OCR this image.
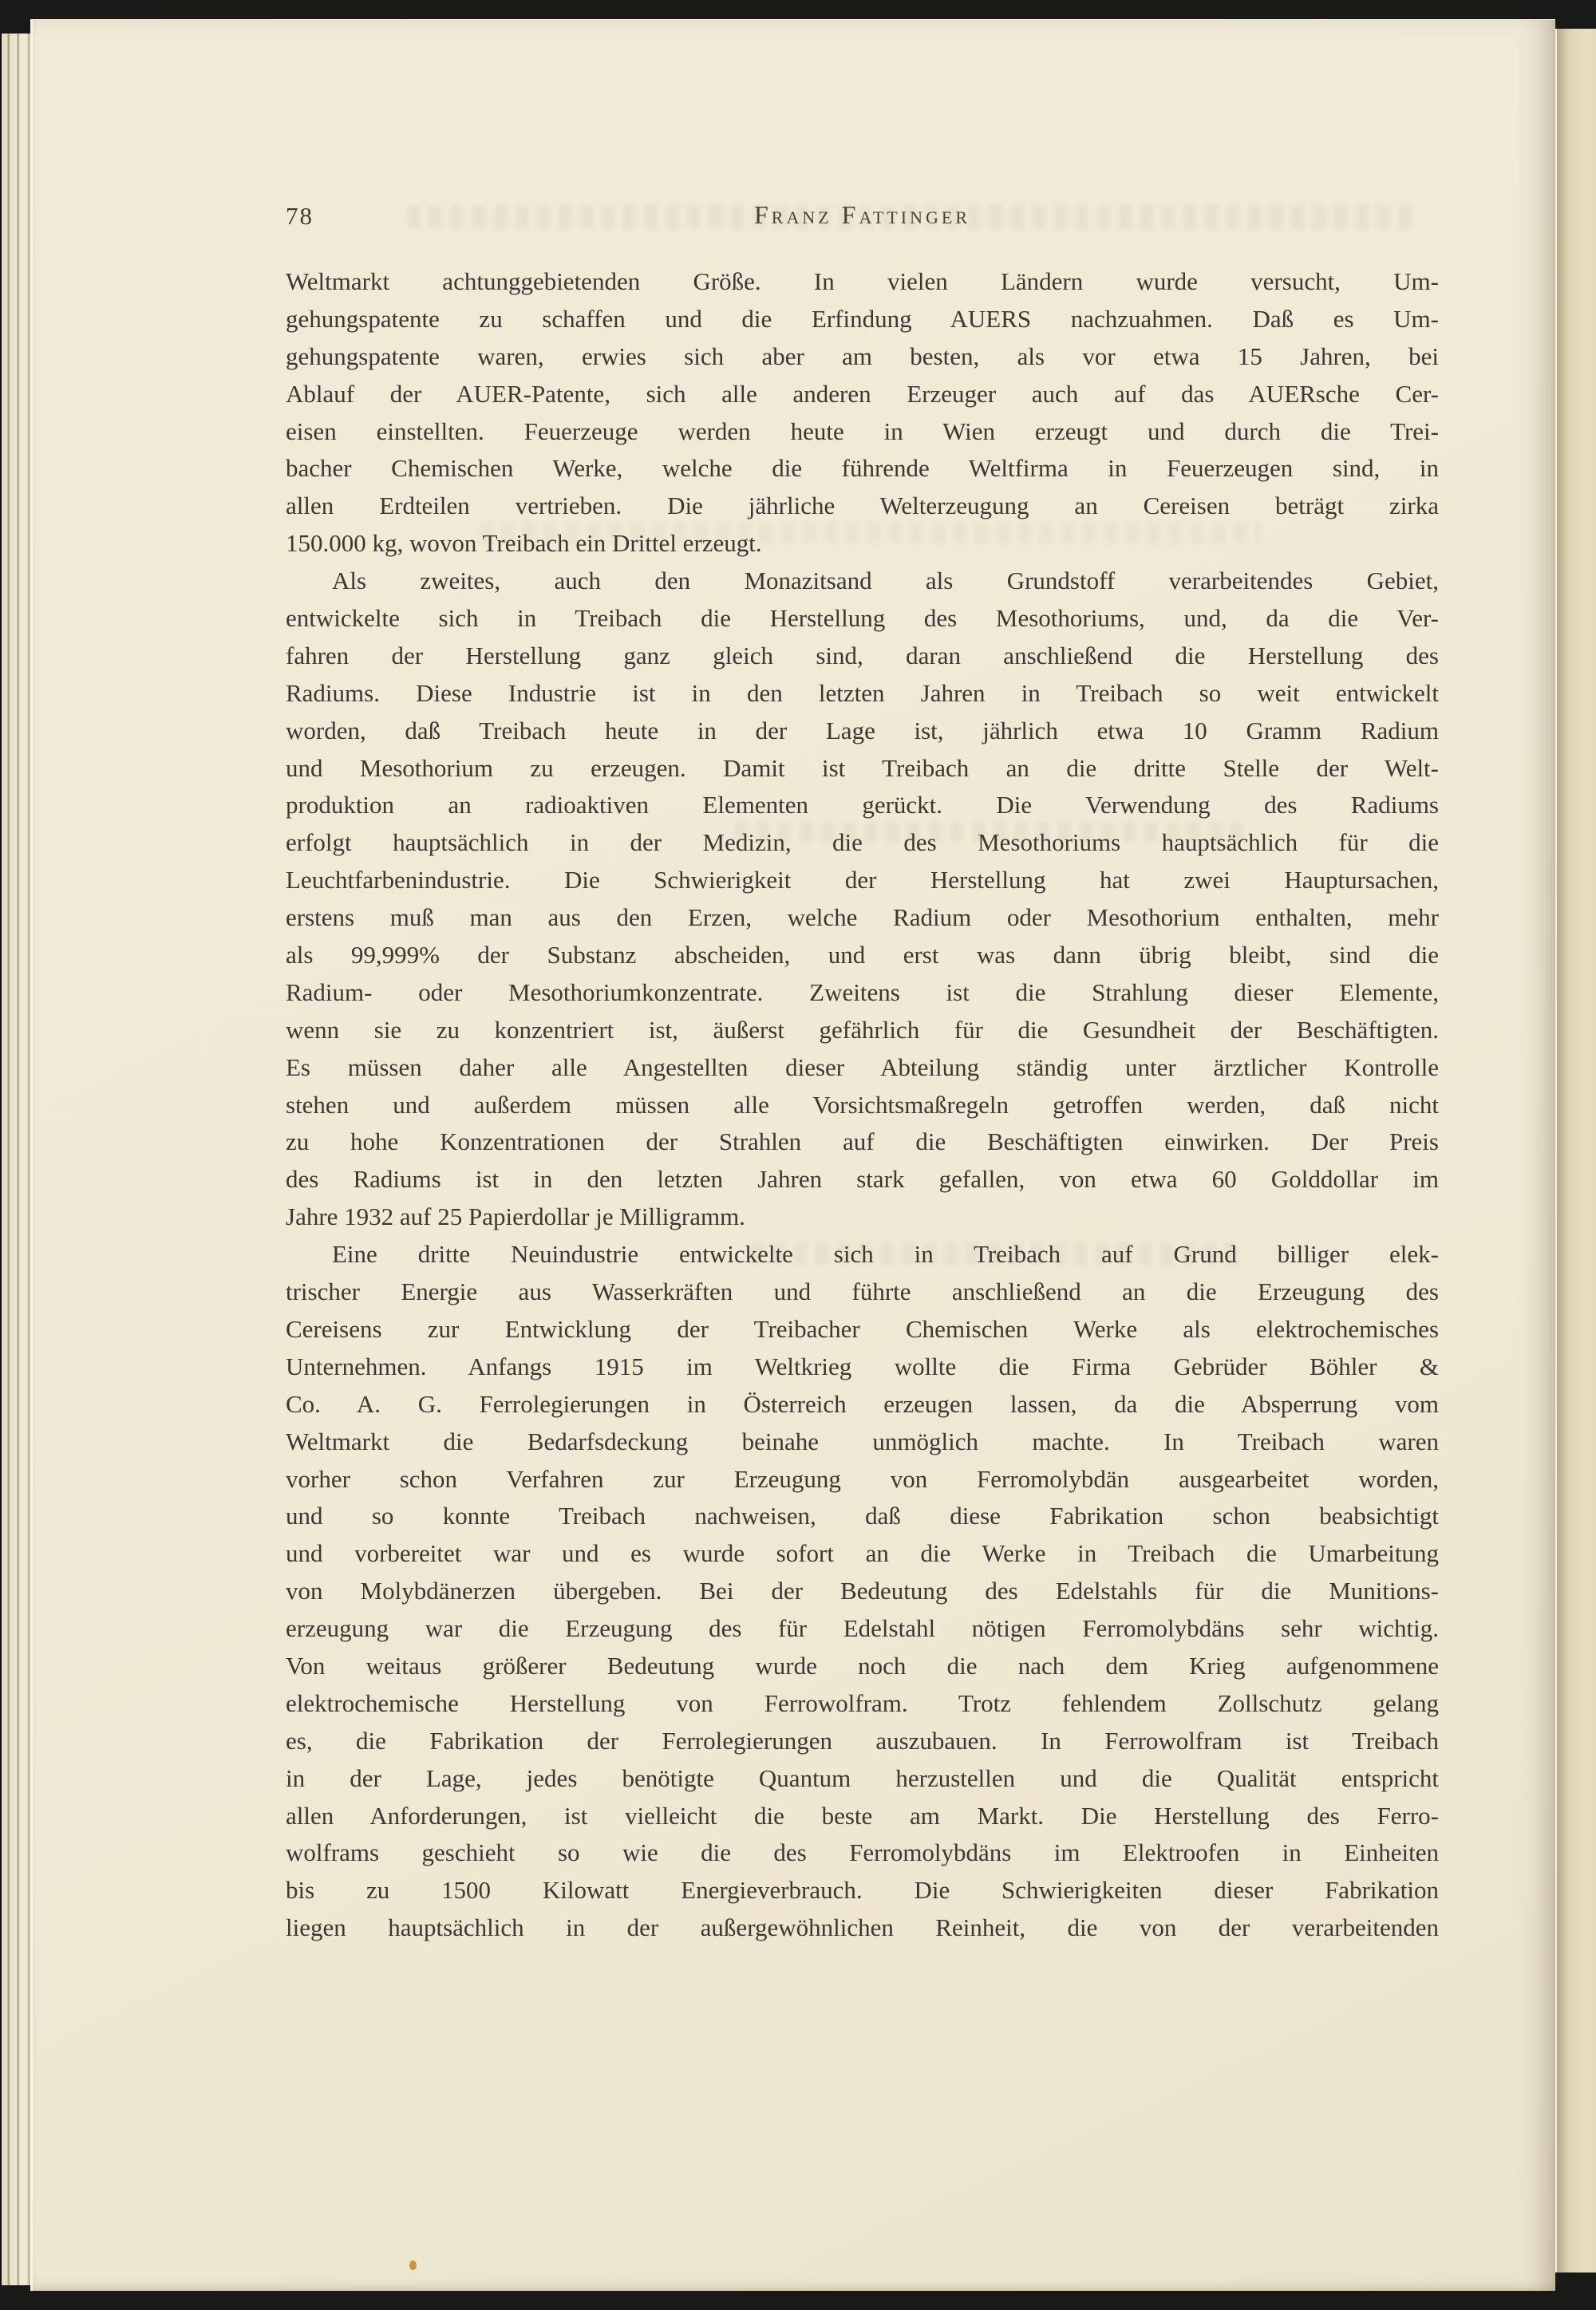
78	Franz Fattinger
Weltmarkt achtunggebietenden Größe. In vielen Ländern wurde versucht, Um-
gehungspatente zu schaffen und die Erfindung AUERS nachzuahmen. Daß es Um-
gehungspatente waren, erwies sich aber am besten, als vor etwa 15 Jahren, bei
Ablauf der AUER-Patente, sich alle anderen Erzeuger auch auf das AUERsche Cer-
eisen einstellten. Feuerzeuge werden heute in Wien erzeugt und durch die Trei-
bacher Chemischen Werke, welche die führende Weltfirma in Feuerzeugen sind, in
allen Erdteilen vertrieben. Die jährliche Welterzeugung an Cereisen beträgt zirka
150.000 kg, wovon Treibach ein Drittel erzeugt.
Als zweites, auch den Monazitsand als Grundstoff verarbeitendes Gebiet,
entwickelte sich in Treibach die Herstellung des Mesothoriums, und, da die Ver-
fahren der Herstellung ganz gleich sind, daran anschließend die Herstellung des
Radiums. Diese Industrie ist in den letzten Jahren in Treibach so weit entwickelt
worden, daß Treibach heute in der Lage ist, jährlich etwa 10 Gramm Radium
und Mesothorium zu erzeugen. Damit ist Treibach an die dritte Stelle der Welt-
produktion an radioaktiven Elementen gerückt. Die Verwendung des Radiums
erfolgt hauptsächlich in der Medizin, die des Mesothoriums hauptsächlich für die
Leuchtfarbenindustrie. Die Schwierigkeit der Herstellung hat zwei Hauptursachen,
erstens muß man aus den Erzen, welche Radium oder Mesothorium enthalten, mehr
als 99,999% der Substanz abscheiden, und erst was dann übrig bleibt, sind die
Radium- oder Mesothoriumkonzentrate. Zweitens ist die Strahlung dieser Elemente,
wenn sie zu konzentriert ist, äußerst gefährlich für die Gesundheit der Beschäftigten.
Es müssen daher alle Angestellten dieser Abteilung ständig unter ärztlicher Kontrolle
stehen und außerdem müssen alle Vorsichtsmaßregeln getroffen werden, daß nicht
zu hohe Konzentrationen der Strahlen auf die Beschäftigten einwirken. Der Preis
des Radiums ist in den letzten Jahren stark gefallen, von etwa 60 Golddollar im
Jahre 1932 auf 25 Papierdollar je Milligramm.
Eine dritte Neuindustrie entwickelte sich in Treibach auf Grund billiger elek-
trischer Energie aus Wasserkräften und führte anschließend an die Erzeugung des
Cereisens zur Entwicklung der Treibacher Chemischen Werke als elektrochemisches
Unternehmen. Anfangs 1915 im Weltkrieg wollte die Firma Gebrüder Böhler &
Co. A. G. Ferrolegierungen in Österreich erzeugen lassen, da die Absperrung vom
Weltmarkt die Bedarfsdeckung beinahe unmöglich machte. In Treibach waren
vorher schon Verfahren zur Erzeugung von Ferromolybdän ausgearbeitet worden,
und so konnte Treibach nachweisen, daß diese Fabrikation schon beabsichtigt
und vorbereitet war und es wurde sofort an die Werke in Treibach die Umarbeitung
von Molybdänerzen übergeben. Bei der Bedeutung des Edelstahls für die Munitions-
erzeugung war die Erzeugung des für Edelstahl nötigen Ferromolybdäns sehr wichtig.
Von weitaus größerer Bedeutung wurde noch die nach dem Krieg aufgenommene
elektrochemische Herstellung von Ferrowolfram. Trotz fehlendem Zollschutz gelang
es, die Fabrikation der Ferrolegierungen auszubauen. In Ferrowolfram ist Treibach
in der Lage, jedes benötigte Quantum herzustellen und die Qualität entspricht
allen Anforderungen, ist vielleicht die beste am Markt. Die Herstellung des Ferro-
wolframs geschieht so wie die des Ferromolybdäns im Elektroofen in Einheiten
bis zu 1500 Kilowatt Energieverbrauch. Die Schwierigkeiten dieser Fabrikation
liegen hauptsächlich in der außergewöhnlichen Reinheit, die von der verarbeitenden
